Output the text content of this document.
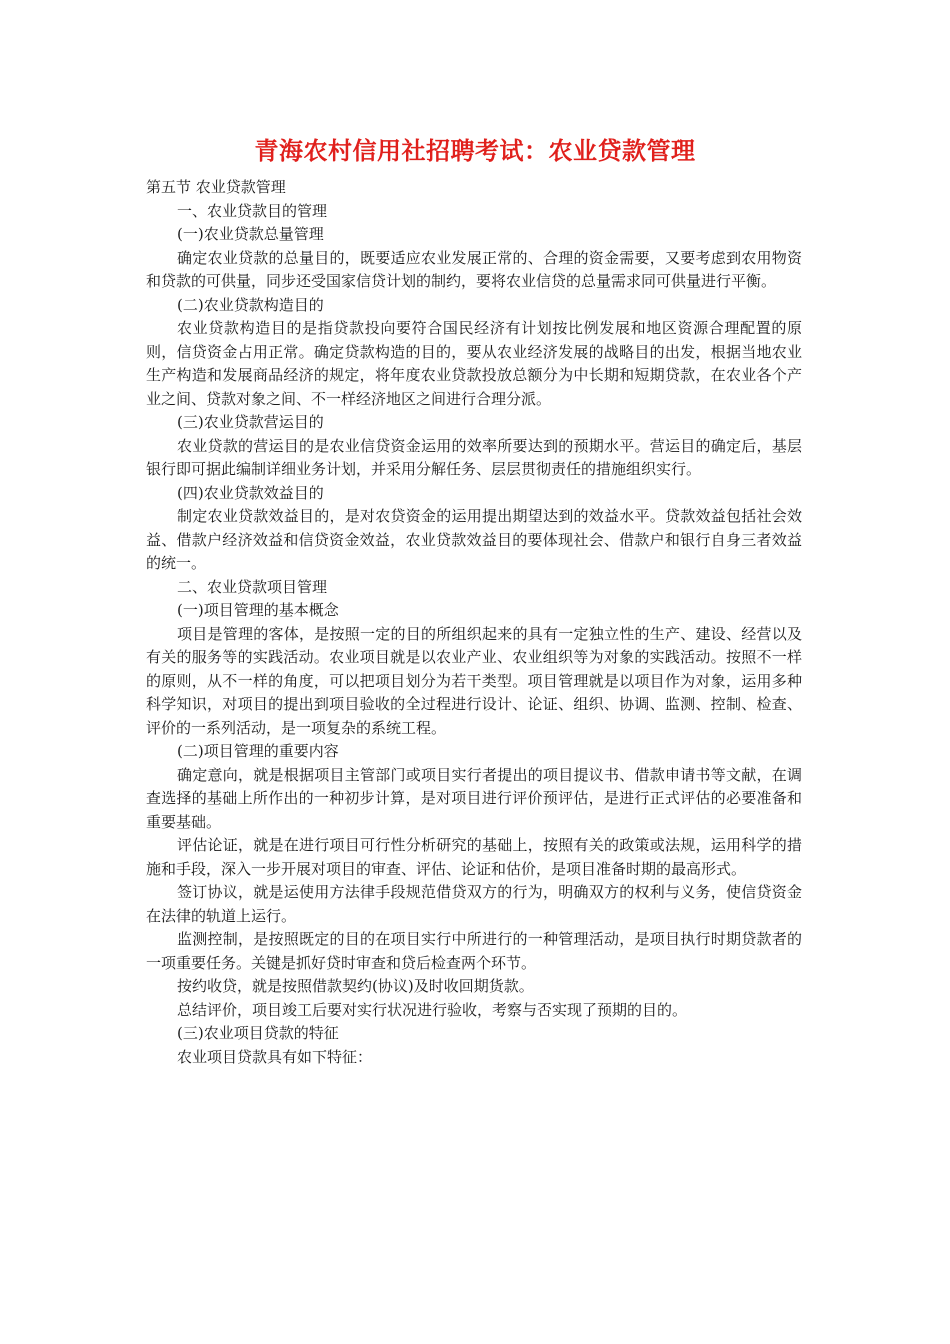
青海农村信用社招聘考试：农业贷款管理

第五节 农业贷款管理

一、农业贷款目的管理

(一)农业贷款总量管理

确定农业贷款的总量目的，既要适应农业发展正常的、合理的资金需要，又要考虑到农用物资和贷款的可供量，同步还受国家信贷计划的制约，要将农业信贷的总量需求同可供量进行平衡。

(二)农业贷款构造目的

农业贷款构造目的是指贷款投向要符合国民经济有计划按比例发展和地区资源合理配置的原则，信贷资金占用正常。确定贷款构造的目的，要从农业经济发展的战略目的出发，根据当地农业生产构造和发展商品经济的规定，将年度农业贷款投放总额分为中长期和短期贷款，在农业各个产业之间、贷款对象之间、不一样经济地区之间进行合理分派。

(三)农业贷款营运目的

农业贷款的营运目的是农业信贷资金运用的效率所要达到的预期水平。营运目的确定后，基层银行即可据此编制详细业务计划，并采用分解任务、层层贯彻责任的措施组织实行。

(四)农业贷款效益目的

制定农业贷款效益目的，是对农贷资金的运用提出期望达到的效益水平。贷款效益包括社会效益、借款户经济效益和信贷资金效益，农业贷款效益目的要体现社会、借款户和银行自身三者效益的统一。

二、农业贷款项目管理

(一)项目管理的基本概念

项目是管理的客体，是按照一定的目的所组织起来的具有一定独立性的生产、建设、经营以及有关的服务等的实践活动。农业项目就是以农业产业、农业组织等为对象的实践活动。按照不一样的原则，从不一样的角度，可以把项目划分为若干类型。项目管理就是以项目作为对象，运用多种科学知识，对项目的提出到项目验收的全过程进行设计、论证、组织、协调、监测、控制、检查、评价的一系列活动，是一项复杂的系统工程。

(二)项目管理的重要内容

确定意向，就是根据项目主管部门或项目实行者提出的项目提议书、借款申请书等文献，在调查选择的基础上所作出的一种初步计算，是对项目进行评价预评估，是进行正式评估的必要准备和重要基础。

评估论证，就是在进行项目可行性分析研究的基础上，按照有关的政策或法规，运用科学的措施和手段，深入一步开展对项目的审查、评估、论证和估价，是项目准备时期的最高形式。

签订协议，就是运使用方法律手段规范借贷双方的行为，明确双方的权利与义务，使信贷资金在法律的轨道上运行。

监测控制，是按照既定的目的在项目实行中所进行的一种管理活动，是项目执行时期贷款者的一项重要任务。关键是抓好贷时审查和贷后检查两个环节。

按约收贷，就是按照借款契约(协议)及时收回期货款。

总结评价，项目竣工后要对实行状况进行验收，考察与否实现了预期的目的。

(三)农业项目贷款的特征

农业项目贷款具有如下特征：
